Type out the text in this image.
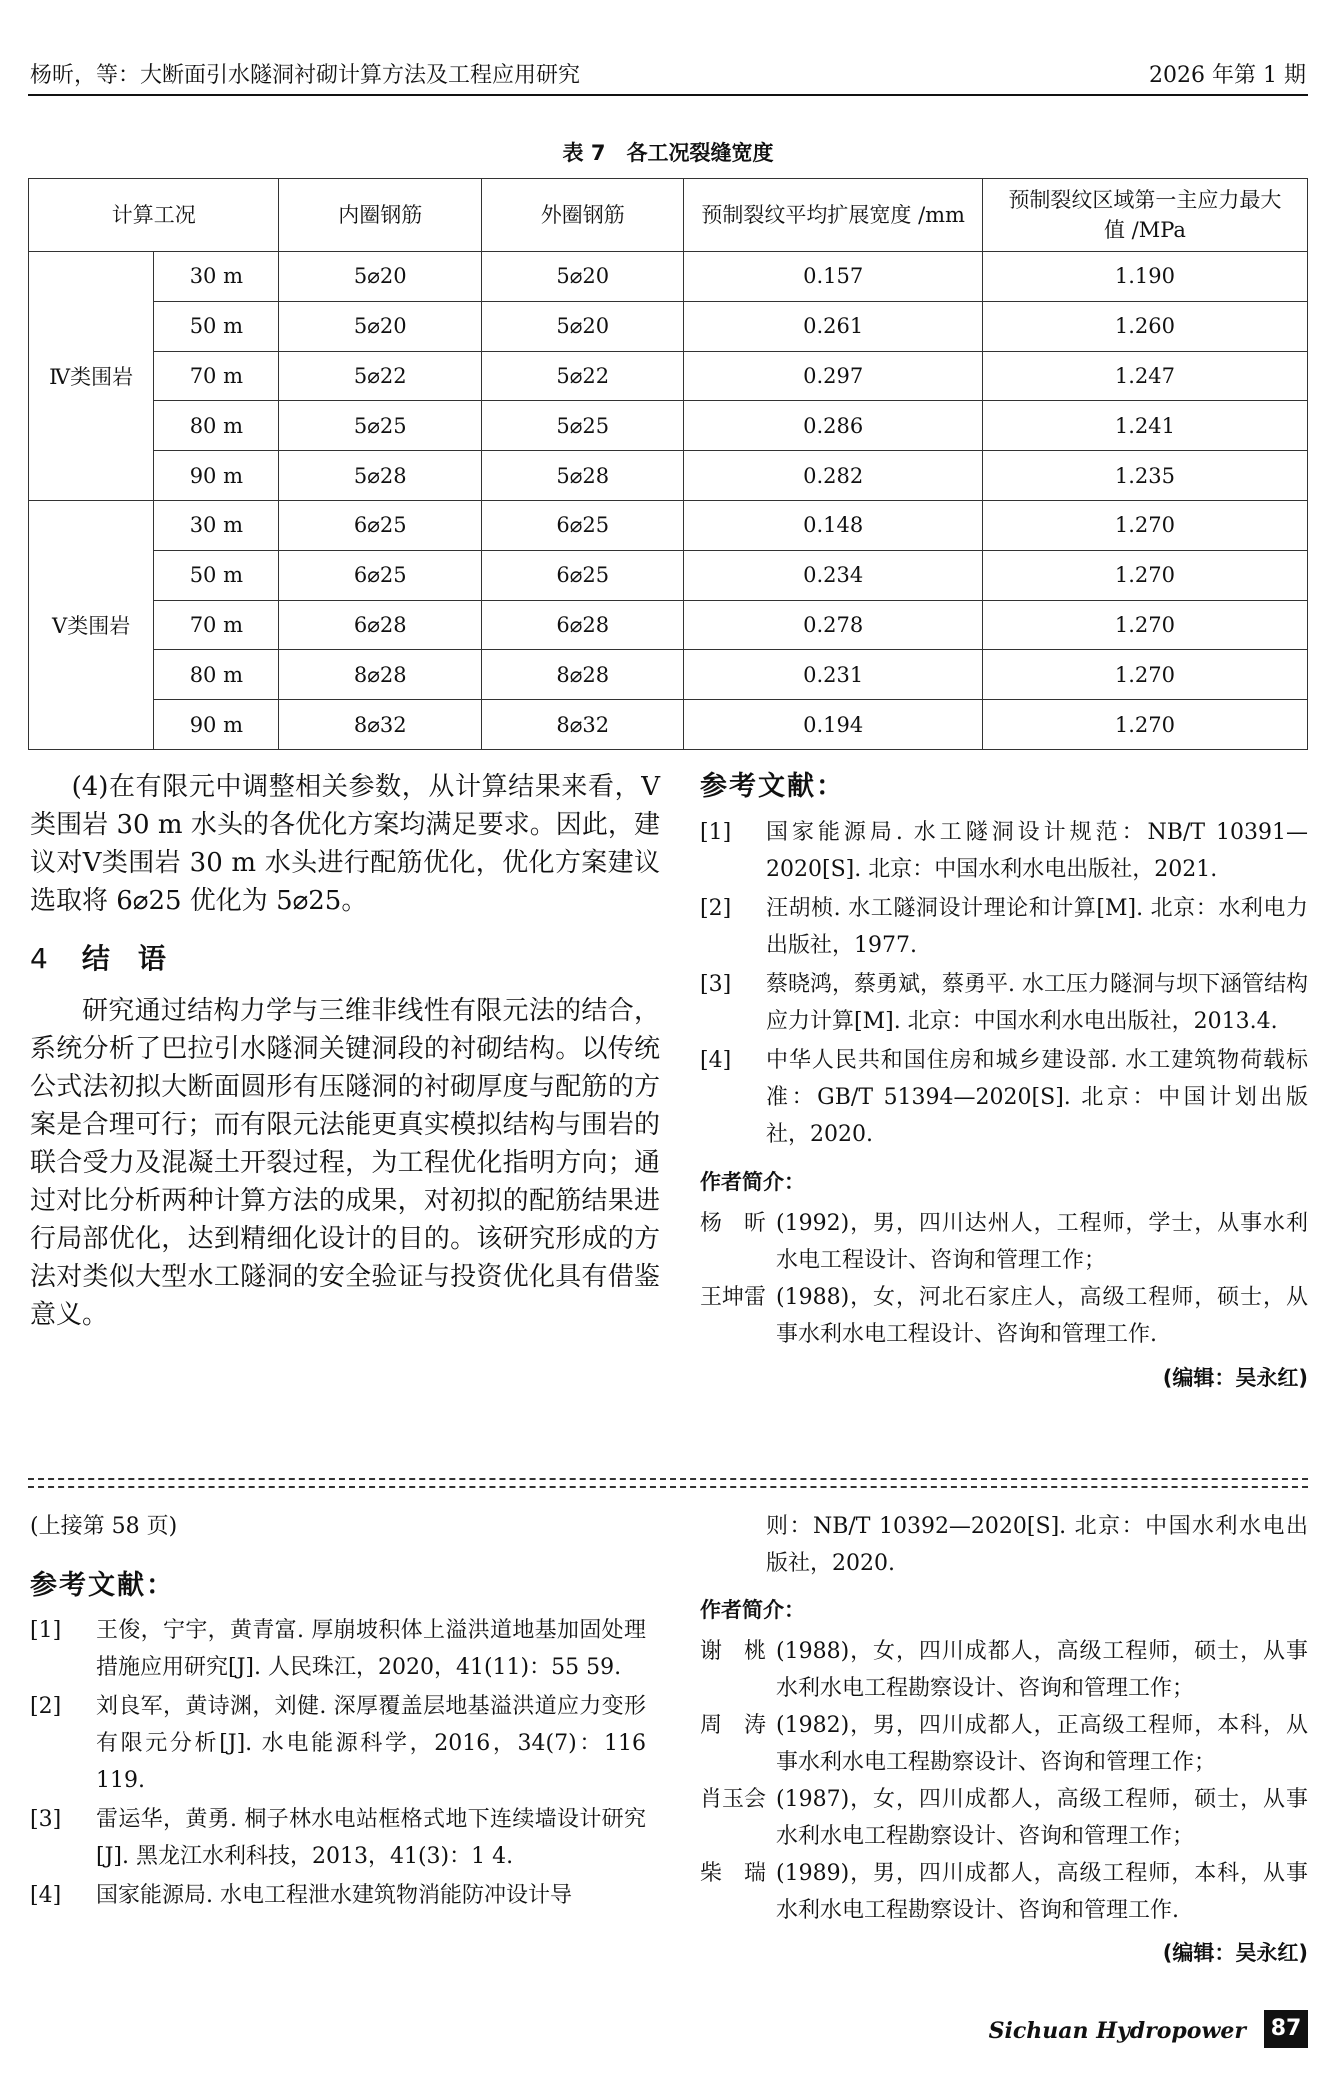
杨昕，等：大断面引水隧洞衬砌计算方法及工程应用研究	2026 年第 1 期
表 7　各工况裂缝宽度
计算工况		内圈钢筋	外圈钢筋	预制裂纹平均扩展宽度 /mm	预制裂纹区域第一主应力最大值 /MPa
Ⅳ类围岩	30 m	5⌀20	5⌀20	0.157	1.190
	50 m	5⌀20	5⌀20	0.261	1.260
	70 m	5⌀22	5⌀22	0.297	1.247
	80 m	5⌀25	5⌀25	0.286	1.241
	90 m	5⌀28	5⌀28	0.282	1.235
Ⅴ类围岩	30 m	6⌀25	6⌀25	0.148	1.270
	50 m	6⌀25	6⌀25	0.234	1.270
	70 m	6⌀28	6⌀28	0.278	1.270
	80 m	8⌀28	8⌀28	0.231	1.270
	90 m	8⌀32	8⌀32	0.194	1.270

(4)在有限元中调整相关参数，从计算结果来看，Ⅴ类围岩 30 m 水头的各优化方案均满足要求。因此，建议对Ⅴ类围岩 30 m 水头进行配筋优化，优化方案建议选取将 6⌀25 优化为 5⌀25。

4 结　语

研究通过结构力学与三维非线性有限元法的结合，系统分析了巴拉引水隧洞关键洞段的衬砌结构。以传统公式法初拟大断面圆形有压隧洞的衬砌厚度与配筋的方案是合理可行；而有限元法能更真实模拟结构与围岩的联合受力及混凝土开裂过程，为工程优化指明方向；通过对比分析两种计算方法的成果，对初拟的配筋结果进行局部优化，达到精细化设计的目的。该研究形成的方法对类似大型水工隧洞的安全验证与投资优化具有借鉴意义。

参考文献：
[1]	国家能源局. 水工隧洞设计规范：NB/T 10391—2020[S]. 北京：中国水利水电出版社，2021.
[2]	汪胡桢. 水工隧洞设计理论和计算[M]. 北京：水利电力出版社，1977.
[3]	蔡晓鸿，蔡勇斌，蔡勇平. 水工压力隧洞与坝下涵管结构应力计算[M]. 北京：中国水利水电出版社，2013.4.
[4]	中华人民共和国住房和城乡建设部. 水工建筑物荷载标准：GB/T 51394—2020[S]. 北京：中国计划出版社，2020.
作者简介：
杨　昕 (1992)，男，四川达州人，工程师，学士，从事水利水电工程设计、咨询和管理工作；
王坤雷 (1988)，女，河北石家庄人，高级工程师，硕士，从事水利水电工程设计、咨询和管理工作.
(编辑：吴永红)
(上接第 58 页)
参考文献：
[1]	王俊，宁宇，黄青富. 厚崩坡积体上溢洪道地基加固处理措施应用研究[J]. 人民珠江，2020，41(11)：55 59.
[2]	刘良军，黄诗渊，刘健. 深厚覆盖层地基溢洪道应力变形有限元分析[J]. 水电能源科学，2016，34(7)：116 119.
[3]	雷运华，黄勇. 桐子林水电站框格式地下连续墙设计研究[J]. 黑龙江水利科技，2013，41(3)：1 4.
[4]	国家能源局. 水电工程泄水建筑物消能防冲设计导
则：NB/T 10392—2020[S]. 北京：中国水利水电出版社，2020.
作者简介：
谢　桃 (1988)，女，四川成都人，高级工程师，硕士，从事水利水电工程勘察设计、咨询和管理工作；
周　涛 (1982)，男，四川成都人，正高级工程师，本科，从事水利水电工程勘察设计、咨询和管理工作；
肖玉会 (1987)，女，四川成都人，高级工程师，硕士，从事水利水电工程勘察设计、咨询和管理工作；
柴　瑞 (1989)，男，四川成都人，高级工程师，本科，从事水利水电工程勘察设计、咨询和管理工作.
(编辑：吴永红)
Sichuan Hydropower	87
